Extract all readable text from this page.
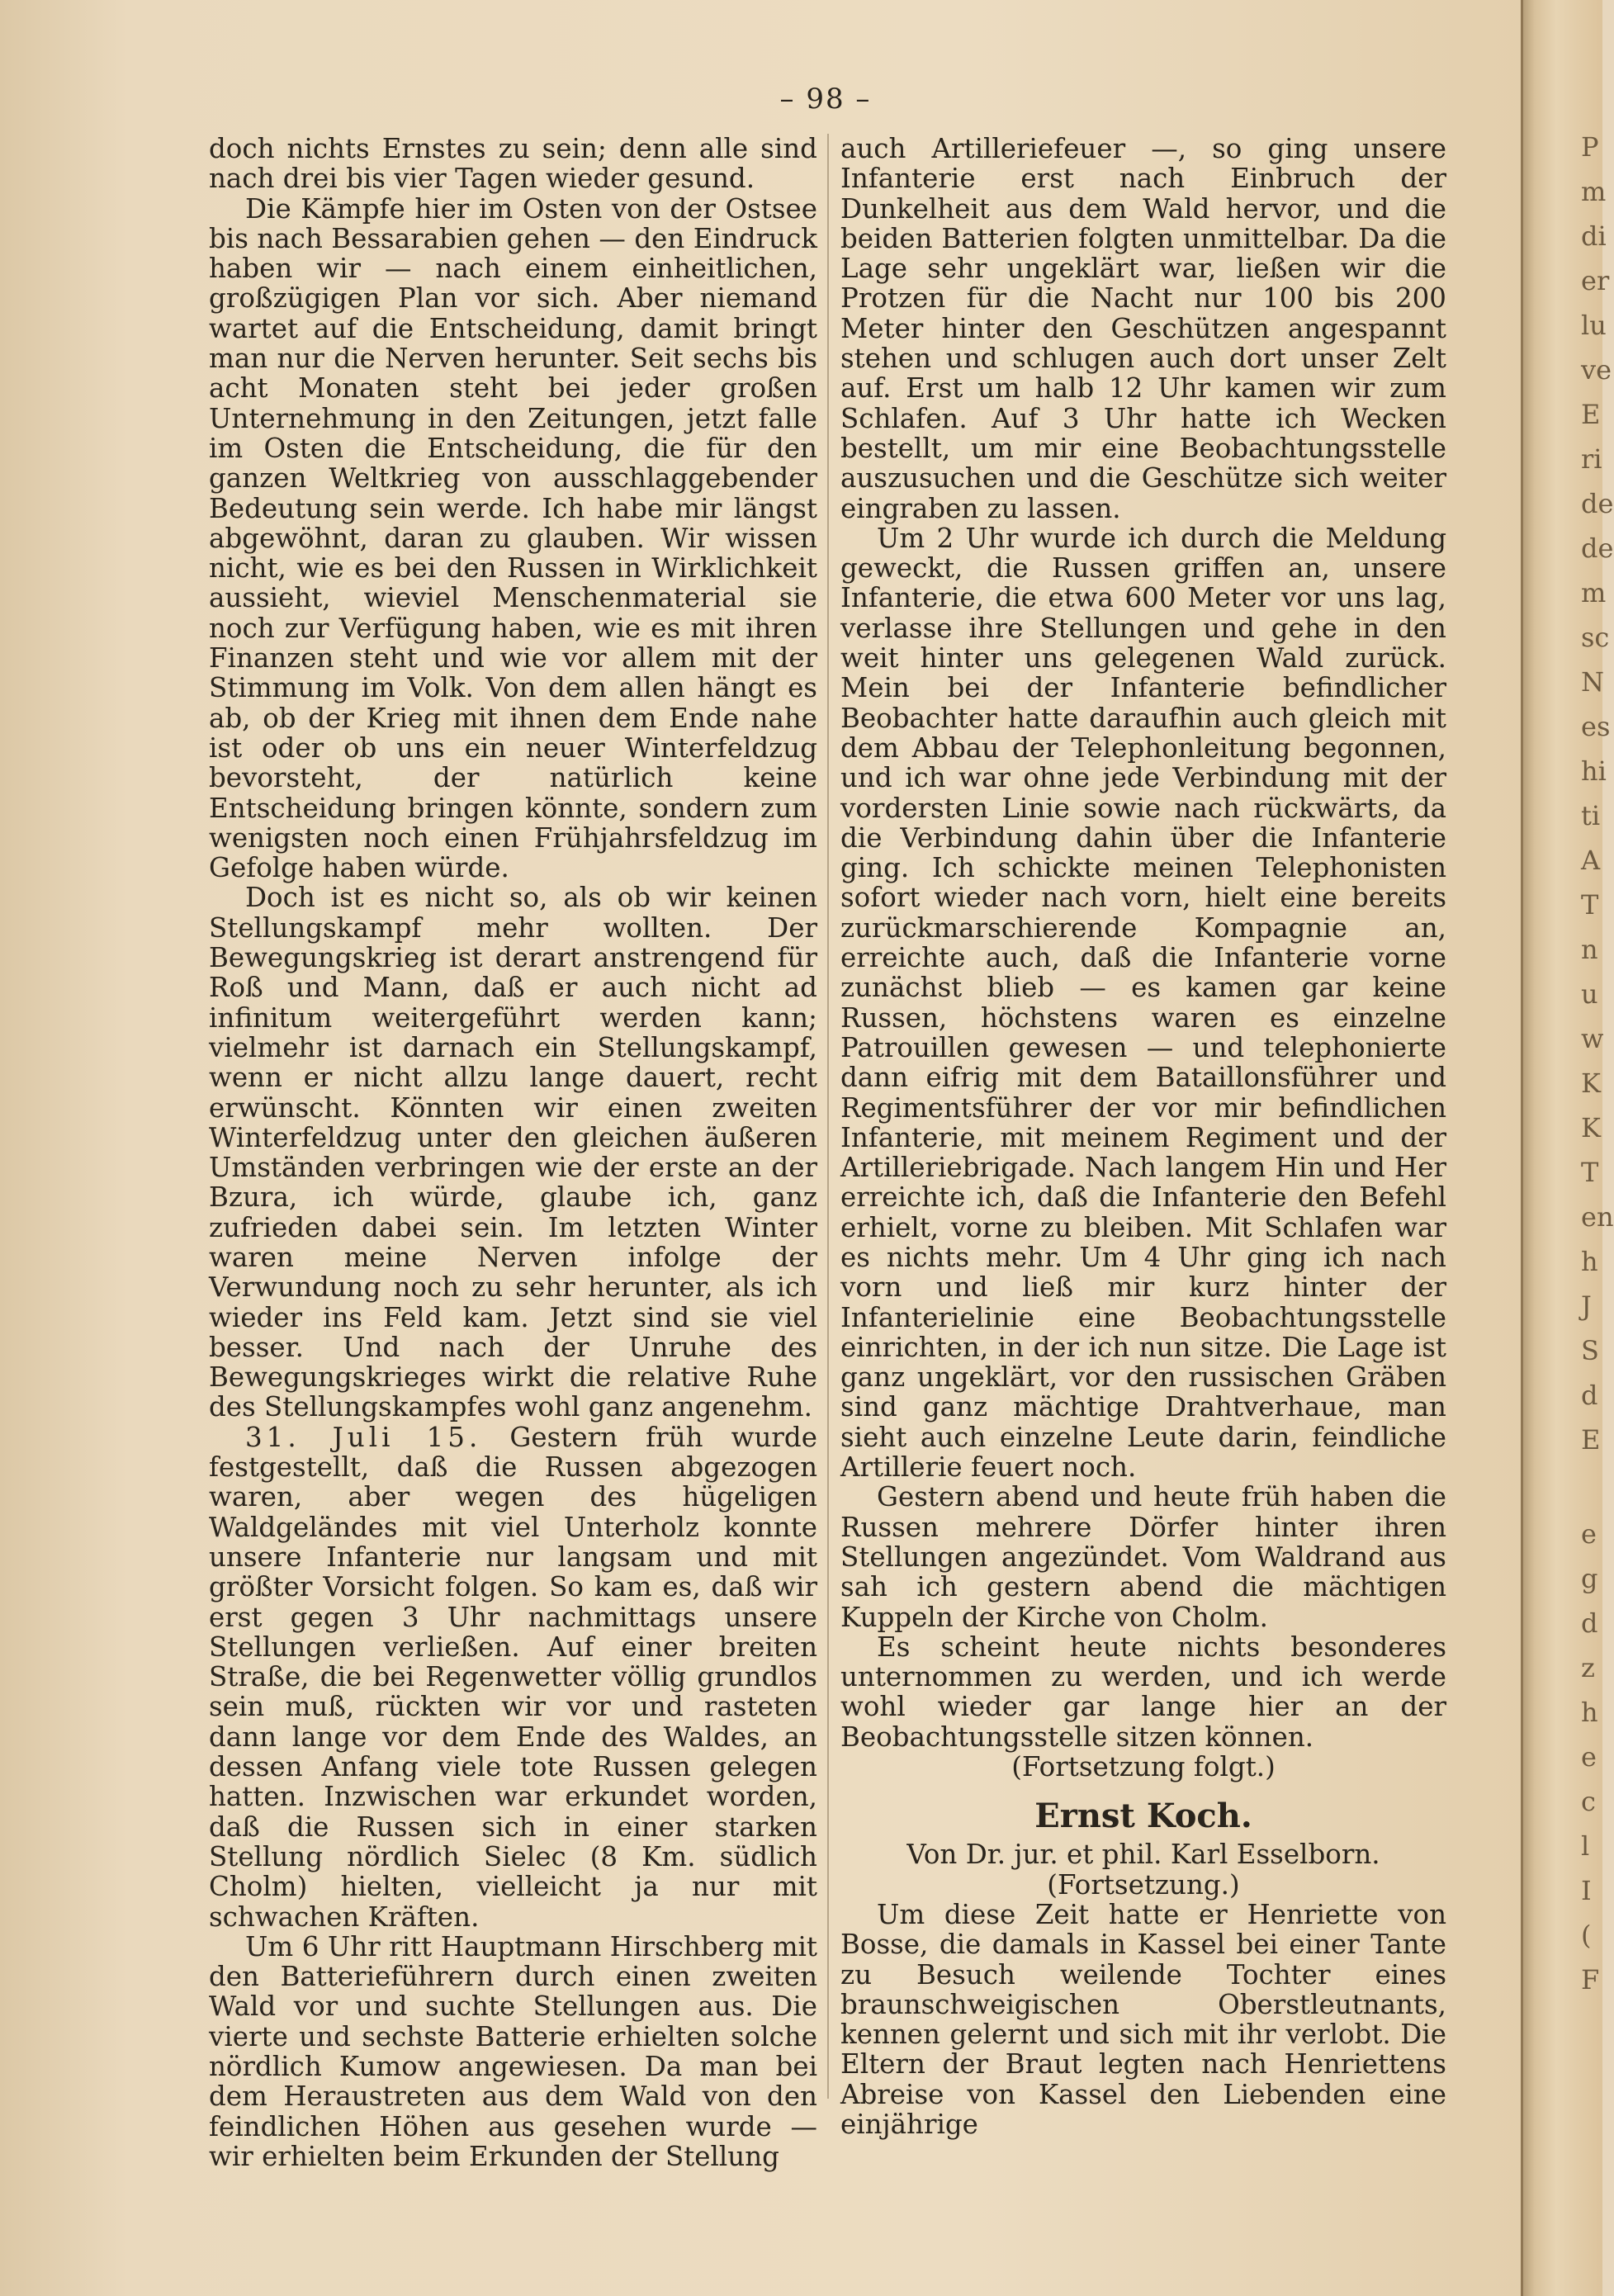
– 98 –

doch nichts Ernstes zu sein; denn alle sind nach drei bis vier Tagen wieder gesund.

Die Kämpfe hier im Osten von der Ostsee bis nach Bessarabien gehen — den Eindruck haben wir — nach einem einheitlichen, großzügigen Plan vor sich. Aber niemand wartet auf die Entscheidung, damit bringt man nur die Nerven herunter. Seit sechs bis acht Monaten steht bei jeder großen Unternehmung in den Zeitungen, jetzt falle im Osten die Entscheidung, die für den ganzen Weltkrieg von ausschlaggebender Bedeutung sein werde. Ich habe mir längst abgewöhnt, daran zu glauben. Wir wissen nicht, wie es bei den Russen in Wirklichkeit aussieht, wieviel Menschenmaterial sie noch zur Verfügung haben, wie es mit ihren Finanzen steht und wie vor allem mit der Stimmung im Volk. Von dem allen hängt es ab, ob der Krieg mit ihnen dem Ende nahe ist oder ob uns ein neuer Winterfeldzug bevorsteht, der natürlich keine Entscheidung bringen könnte, sondern zum wenigsten noch einen Frühjahrsfeldzug im Gefolge haben würde.

Doch ist es nicht so, als ob wir keinen Stellungskampf mehr wollten. Der Bewegungskrieg ist derart anstrengend für Roß und Mann, daß er auch nicht ad infinitum weitergeführt werden kann; vielmehr ist darnach ein Stellungskampf, wenn er nicht allzu lange dauert, recht erwünscht. Könnten wir einen zweiten Winterfeldzug unter den gleichen äußeren Umständen verbringen wie der erste an der Bzura, ich würde, glaube ich, ganz zufrieden dabei sein. Im letzten Winter waren meine Nerven infolge der Verwundung noch zu sehr herunter, als ich wieder ins Feld kam. Jetzt sind sie viel besser. Und nach der Unruhe des Bewegungskrieges wirkt die relative Ruhe des Stellungskampfes wohl ganz angenehm.

31. Juli 15. Gestern früh wurde festgestellt, daß die Russen abgezogen waren, aber wegen des hügeligen Waldgeländes mit viel Unterholz konnte unsere Infanterie nur langsam und mit größter Vorsicht folgen. So kam es, daß wir erst gegen 3 Uhr nachmittags unsere Stellungen verließen. Auf einer breiten Straße, die bei Regenwetter völlig grundlos sein muß, rückten wir vor und rasteten dann lange vor dem Ende des Waldes, an dessen Anfang viele tote Russen gelegen hatten. Inzwischen war erkundet worden, daß die Russen sich in einer starken Stellung nördlich Sielec (8 Km. südlich Cholm) hielten, vielleicht ja nur mit schwachen Kräften.

Um 6 Uhr ritt Hauptmann Hirschberg mit den Batterieführern durch einen zweiten Wald vor und suchte Stellungen aus. Die vierte und sechste Batterie erhielten solche nördlich Kumow angewiesen. Da man bei dem Heraustreten aus dem Wald von den feindlichen Höhen aus gesehen wurde — wir erhielten beim Erkunden der Stellung

auch Artilleriefeuer —, so ging unsere Infanterie erst nach Einbruch der Dunkelheit aus dem Wald hervor, und die beiden Batterien folgten unmittelbar. Da die Lage sehr ungeklärt war, ließen wir die Protzen für die Nacht nur 100 bis 200 Meter hinter den Geschützen angespannt stehen und schlugen auch dort unser Zelt auf. Erst um halb 12 Uhr kamen wir zum Schlafen. Auf 3 Uhr hatte ich Wecken bestellt, um mir eine Beobachtungsstelle auszusuchen und die Geschütze sich weiter eingraben zu lassen.

Um 2 Uhr wurde ich durch die Meldung geweckt, die Russen griffen an, unsere Infanterie, die etwa 600 Meter vor uns lag, verlasse ihre Stellungen und gehe in den weit hinter uns gelegenen Wald zurück. Mein bei der Infanterie befindlicher Beobachter hatte daraufhin auch gleich mit dem Abbau der Telephonleitung begonnen, und ich war ohne jede Verbindung mit der vordersten Linie sowie nach rückwärts, da die Verbindung dahin über die Infanterie ging. Ich schickte meinen Telephonisten sofort wieder nach vorn, hielt eine bereits zurückmarschierende Kompagnie an, erreichte auch, daß die Infanterie vorne zunächst blieb — es kamen gar keine Russen, höchstens waren es einzelne Patrouillen gewesen — und telephonierte dann eifrig mit dem Bataillonsführer und Regimentsführer der vor mir befindlichen Infanterie, mit meinem Regiment und der Artilleriebrigade. Nach langem Hin und Her erreichte ich, daß die Infanterie den Befehl erhielt, vorne zu bleiben. Mit Schlafen war es nichts mehr. Um 4 Uhr ging ich nach vorn und ließ mir kurz hinter der Infanterielinie eine Beobachtungsstelle einrichten, in der ich nun sitze. Die Lage ist ganz ungeklärt, vor den russischen Gräben sind ganz mächtige Drahtverhaue, man sieht auch einzelne Leute darin, feindliche Artillerie feuert noch.

Gestern abend und heute früh haben die Russen mehrere Dörfer hinter ihren Stellungen angezündet. Vom Waldrand aus sah ich gestern abend die mächtigen Kuppeln der Kirche von Cholm.

Es scheint heute nichts besonderes unternommen zu werden, und ich werde wohl wieder gar lange hier an der Beobachtungsstelle sitzen können.

(Fortsetzung folgt.)

Ernst Koch.

Von Dr. jur. et phil. Karl Esselborn.

(Fortsetzung.)

Um diese Zeit hatte er Henriette von Bosse, die damals in Kassel bei einer Tante zu Besuch weilende Tochter eines braunschweigischen Oberstleutnants, kennen gelernt und sich mit ihr verlobt. Die Eltern der Braut legten nach Henriettens Abreise von Kassel den Liebenden eine einjährige

P
m
di
er
lu
ve
E
ri
de
de
m
sc
N
es
hi
ti
A
T
n
u
w
K
K
T
en
h
J
S
d
E
e
g
d
z
h
e
c
l
I
(
F
